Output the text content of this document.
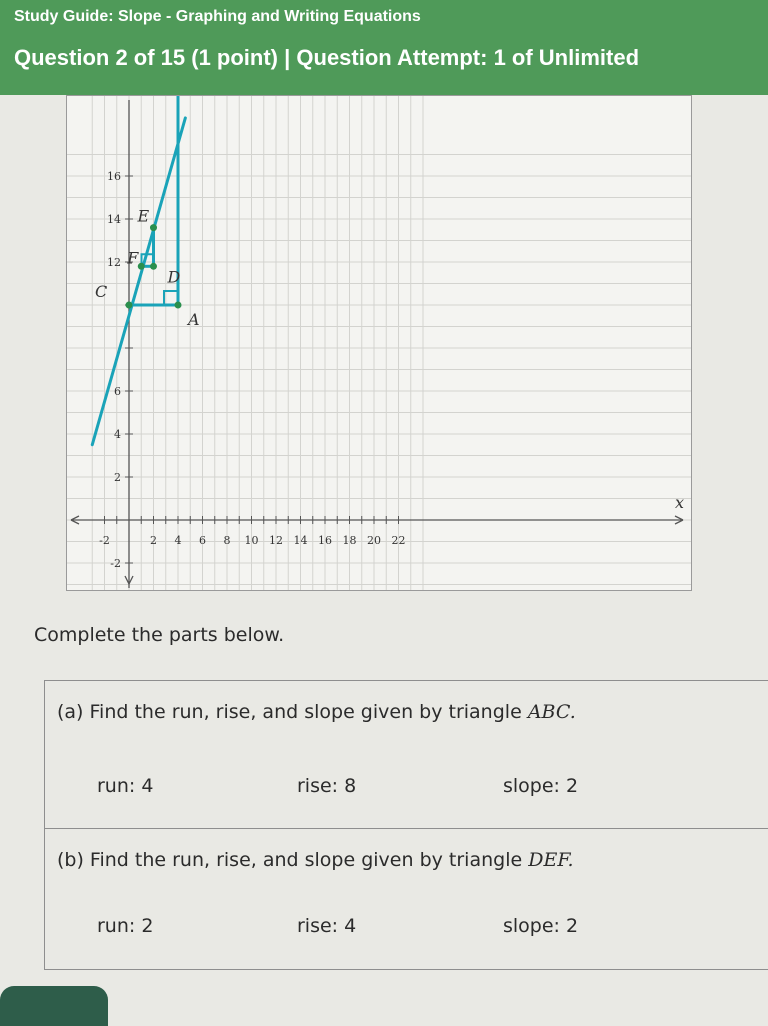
Study Guide: Slope - Graphing and Writing Equations
Question 2 of 15 (1 point) | Question Attempt: 1 of Unlimited
-2	2 4 6 8 10 12 14 16 18 20 22
-2
2
4
6
12
14
16
x
E
F
D
C
A
Complete the parts below.
(a) Find the run, rise, and slope given by triangle ABC.
run: 4	rise: 8	slope: 2
(b) Find the run, rise, and slope given by triangle DEF.
run: 2	rise: 4	slope: 2
